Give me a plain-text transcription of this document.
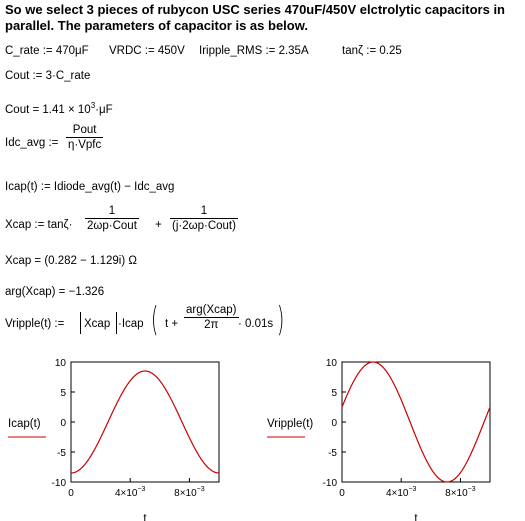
So we select 3 pieces of rubycon USC series 470uF/450V elctrolytic capacitors in parallel. The parameters of capacitor is as below.
C_rate := 470μF VRDC := 450V Iripple_RMS := 2.35A	tanζ := 0.25
Cout := 3·C_rate
Cout = $1.41 \times 10^3\cdot\mu F$
Idc_avg :=
Pout
η·Vpfc
Icap(t) := Idiode_avg(t) − Idc_avg
Xcap := tanζ·
1
2ωp·Cout +
1
(j·2ωp·Cout)
Xcap = (0.282 − 1.129i) Ω
arg(Xcap) = −1.326
Vripple(t) := Xcap ·Icap ( t +
arg(Xcap)
2π	· 0.01s )
10
5
0
-5
-10
0	$4\times 10^{-3}$	$8\times 10^{-3}$
t
Icap(t)
10
5
0
-5
-10
0	$4\times 10^{-3}$	$8\times 10^{-3}$
t
Vripple(t)
